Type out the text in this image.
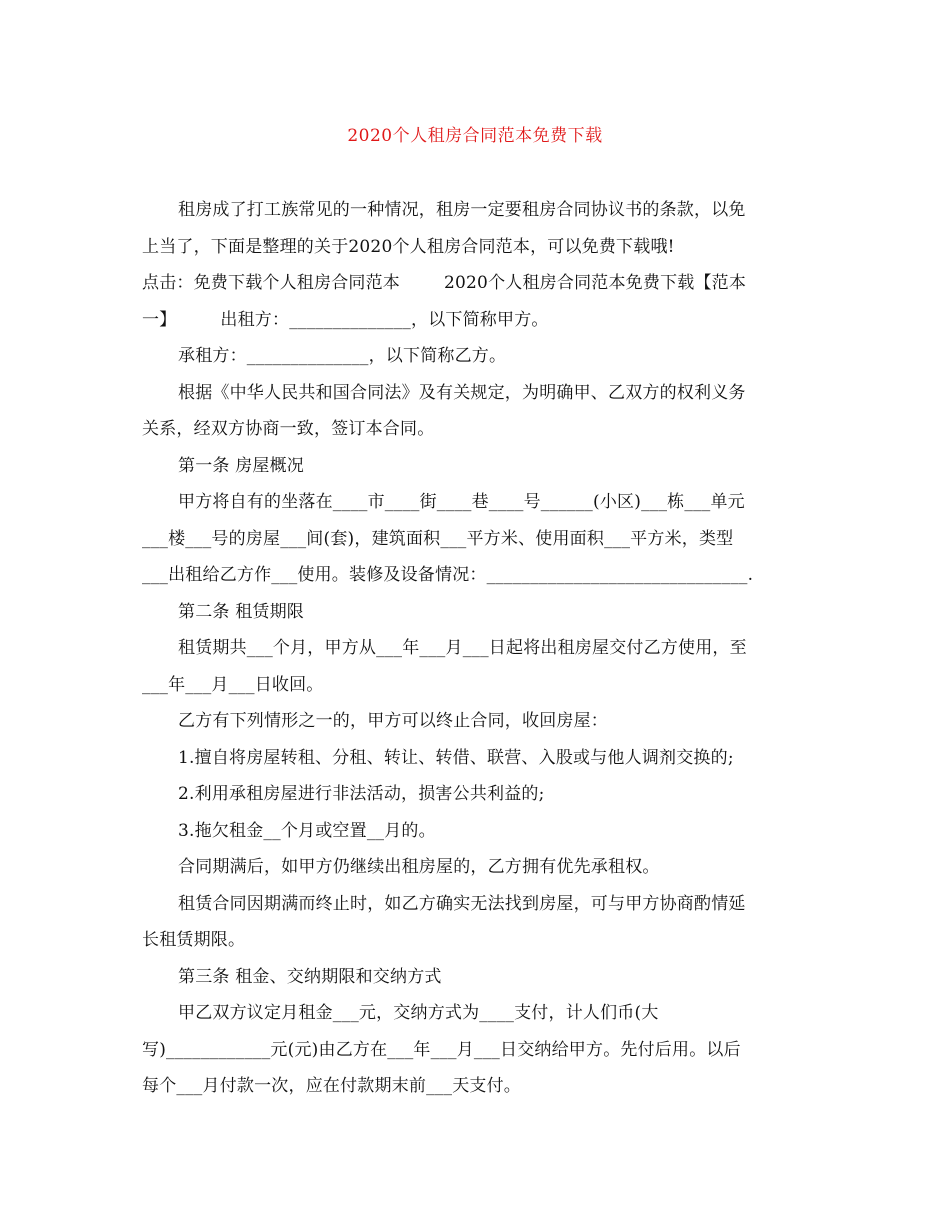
2020个人租房合同范本免费下载
租房成了打工族常见的一种情况，租房一定要租房合同协议书的条款，以免
上当了，下面是整理的关于2020个人租房合同范本，可以免费下载哦!
点击：免费下载个人租房合同范本	2020个人租房合同范本免费下载【范本
一】	出租方：______________，以下简称甲方。
承租方：______________，以下简称乙方。
根据《中华人民共和国合同法》及有关规定，为明确甲、乙双方的权利义务
关系，经双方协商一致，签订本合同。
第一条 房屋概况
甲方将自有的坐落在____市____街____巷____号______(小区)___栋___单元
___楼___号的房屋___间(套)，建筑面积___平方米、使用面积___平方米，类型
___出租给乙方作___使用。装修及设备情况：______________________________.
第二条 租赁期限
租赁期共___个月，甲方从___年___月___日起将出租房屋交付乙方使用，至
___年___月___日收回。
乙方有下列情形之一的，甲方可以终止合同，收回房屋：
1.擅自将房屋转租、分租、转让、转借、联营、入股或与他人调剂交换的;
2.利用承租房屋进行非法活动，损害公共利益的;
3.拖欠租金__个月或空置__月的。
合同期满后，如甲方仍继续出租房屋的，乙方拥有优先承租权。
租赁合同因期满而终止时，如乙方确实无法找到房屋，可与甲方协商酌情延
长租赁期限。
第三条 租金、交纳期限和交纳方式
甲乙双方议定月租金___元，交纳方式为____支付，计人们币(大
写)____________元(元)由乙方在___年___月___日交纳给甲方。先付后用。以后
每个___月付款一次，应在付款期末前___天支付。
